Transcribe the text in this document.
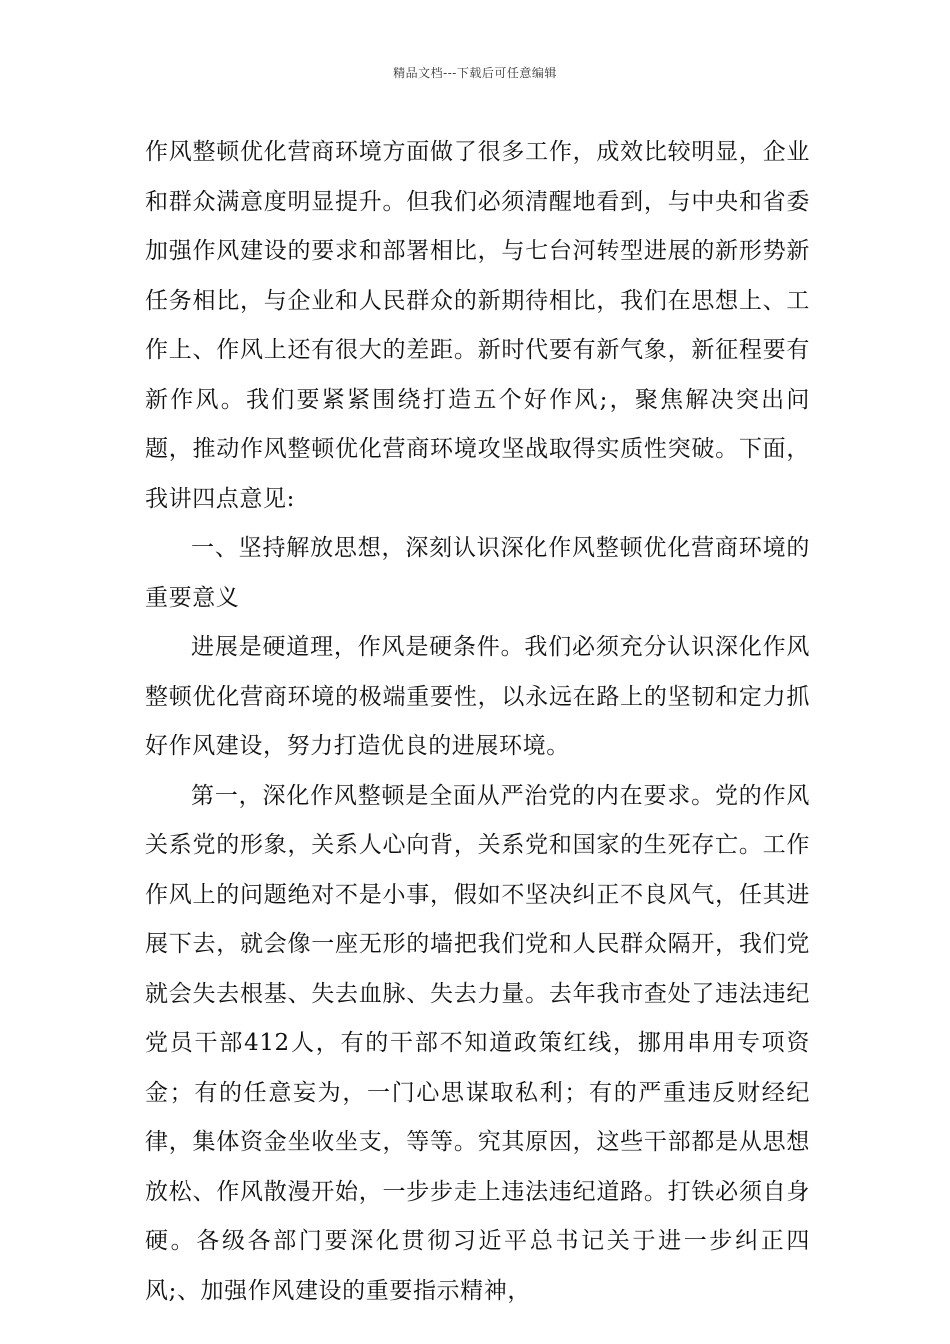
精品文档---下载后可任意编辑

作风整顿优化营商环境方面做了很多工作，成效比较明显，企业和群众满意度明显提升。但我们必须清醒地看到，与中央和省委加强作风建设的要求和部署相比，与七台河转型进展的新形势新任务相比，与企业和人民群众的新期待相比，我们在思想上、工作上、作风上还有很大的差距。新时代要有新气象，新征程要有新作风。我们要紧紧围绕打造五个好作风;，聚焦解决突出问题，推动作风整顿优化营商环境攻坚战取得实质性突破。下面，我讲四点意见:

一、坚持解放思想，深刻认识深化作风整顿优化营商环境的重要意义

进展是硬道理，作风是硬条件。我们必须充分认识深化作风整顿优化营商环境的极端重要性，以永远在路上的坚韧和定力抓好作风建设，努力打造优良的进展环境。

第一，深化作风整顿是全面从严治党的内在要求。党的作风关系党的形象，关系人心向背，关系党和国家的生死存亡。工作作风上的问题绝对不是小事，假如不坚决纠正不良风气，任其进展下去，就会像一座无形的墙把我们党和人民群众隔开，我们党就会失去根基、失去血脉、失去力量。去年我市查处了违法违纪党员干部412人，有的干部不知道政策红线，挪用串用专项资金；有的任意妄为，一门心思谋取私利；有的严重违反财经纪律，集体资金坐收坐支，等等。究其原因，这些干部都是从思想放松、作风散漫开始，一步步走上违法违纪道路。打铁必须自身硬。各级各部门要深化贯彻习近平总书记关于进一步纠正四风;、加强作风建设的重要指示精神，
